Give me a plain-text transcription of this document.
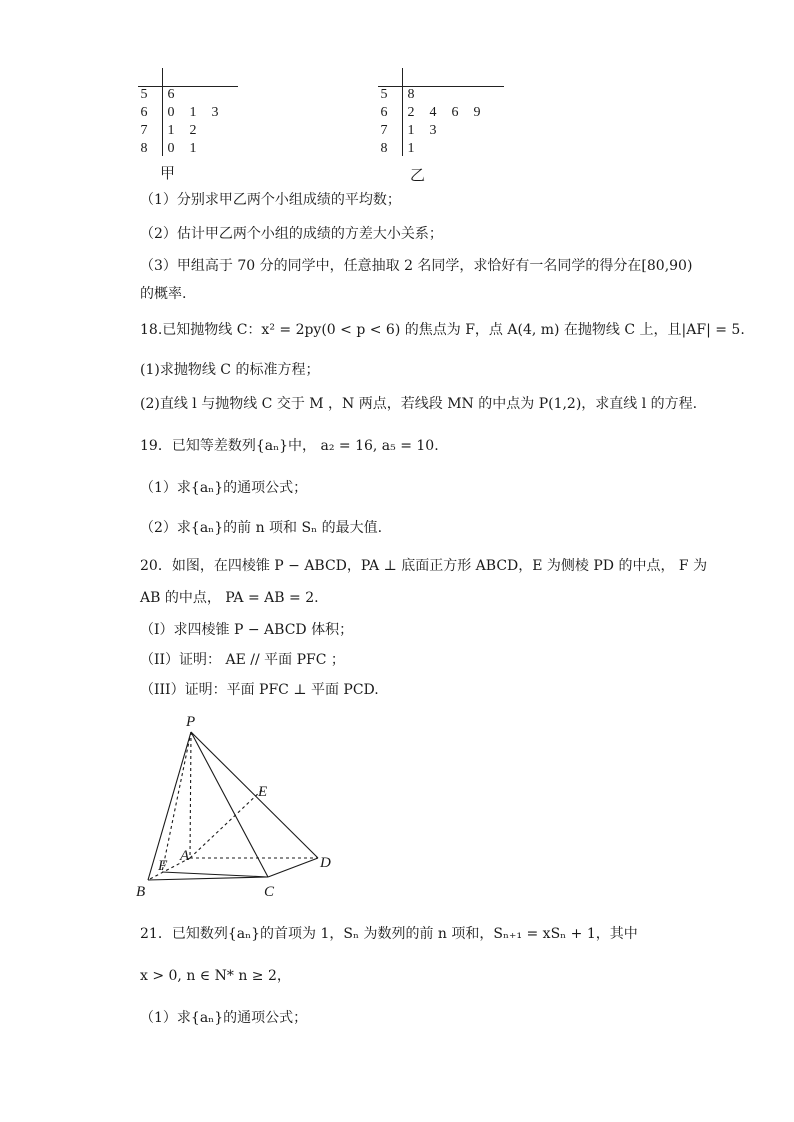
5 6
6 0 1 3
7 1 2
8 0 1
甲
5 8
6 2 4 6 9
7 1 3
8 1
乙
（1）分别求甲乙两个小组成绩的平均数；
（2）估计甲乙两个小组的成绩的方差大小关系；
（3）甲组高于 70 分的同学中，任意抽取 2 名同学，求恰好有一名同学的得分在[80,90)
的概率.
18.已知抛物线 C：x² = 2py(0 < p < 6) 的焦点为 F，点 A(4, m) 在抛物线 C 上，且|AF| = 5.
(1)求抛物线 C 的标准方程；
(2)直线 l 与抛物线 C 交于 M ，N 两点，若线段 MN 的中点为 P(1,2)，求直线 l 的方程.
19．已知等差数列{aₙ}中， a₂ = 16, a₅ = 10.
（1）求{aₙ}的通项公式；
（2）求{aₙ}的前 n 项和 Sₙ 的最大值.
20．如图，在四棱锥 P − ABCD，PA ⊥ 底面正方形 ABCD，E 为侧棱 PD 的中点， F 为
AB 的中点， PA = AB = 2.
（I）求四棱锥 P − ABCD 体积；
（II）证明： AE // 平面 PFC ；
（III）证明：平面 PFC ⊥ 平面 PCD.
P
E
A	D
F
B	C
21．已知数列{aₙ}的首项为 1，Sₙ 为数列的前 n 项和，Sₙ₊₁ = xSₙ + 1，其中
x > 0, n ∈ N* n ≥ 2，
（1）求{aₙ}的通项公式；
